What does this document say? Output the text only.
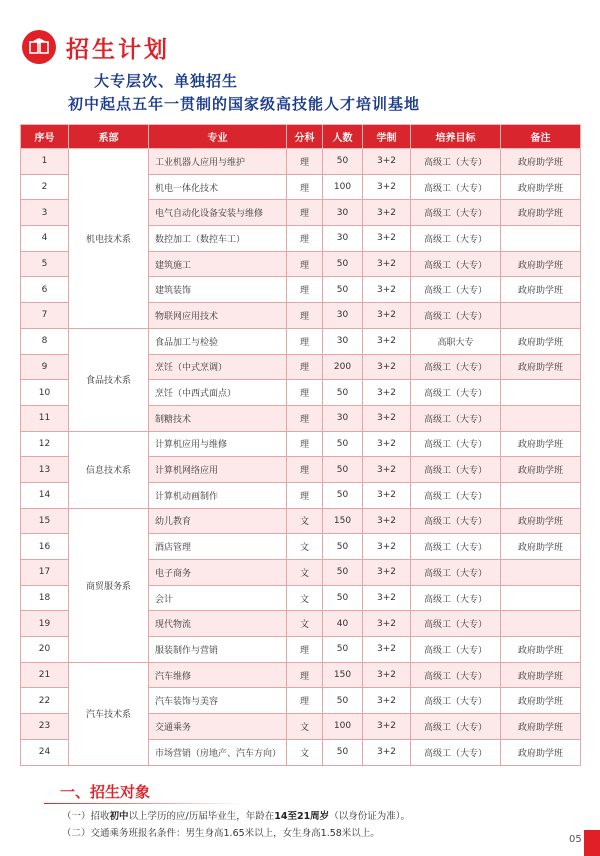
招生计划
大专层次、单独招生
初中起点五年一贯制的国家级高技能人才培训基地
序号	系部	专业	分科	人数	学制	培养目标	备注
1	机电技术系	工业机器人应用与维护	理	50	3+2	高级工（大专）	政府助学班
2		机电一体化技术	理	100	3+2	高级工（大专）	政府助学班
3		电气自动化设备安装与维修	理	30	3+2	高级工（大专）	政府助学班
4		数控加工（数控车工）	理	30	3+2	高级工（大专）	
5		建筑施工	理	50	3+2	高级工（大专）	政府助学班
6		建筑装饰	理	50	3+2	高级工（大专）	政府助学班
7		物联网应用技术	理	30	3+2	高级工（大专）	
8	食品技术系	食品加工与检验	理	30	3+2	高职大专	政府助学班
9		烹饪（中式烹调）	理	200	3+2	高级工（大专）	政府助学班
10		烹饪（中西式面点）	理	50	3+2	高级工（大专）	
11		制糖技术	理	30	3+2	高级工（大专）	
12	信息技术系	计算机应用与维修	理	50	3+2	高级工（大专）	政府助学班
13		计算机网络应用	理	50	3+2	高级工（大专）	政府助学班
14		计算机动画制作	理	50	3+2	高级工（大专）	
15	商贸服务系	幼儿教育	文	150	3+2	高级工（大专）	政府助学班
16		酒店管理	文	50	3+2	高级工（大专）	政府助学班
17		电子商务	文	50	3+2	高级工（大专）	
18		会计	文	50	3+2	高级工（大专）	
19		现代物流	文	40	3+2	高级工（大专）	
20		服装制作与营销	理	50	3+2	高级工（大专）	政府助学班
21	汽车技术系	汽车维修	理	150	3+2	高级工（大专）	政府助学班
22		汽车装饰与美容	理	50	3+2	高级工（大专）	政府助学班
23		交通乘务	文	100	3+2	高级工（大专）	政府助学班
24		市场营销（房地产、汽车方向）	文	50	3+2	高级工（大专）	政府助学班
一、招生对象
（一）招收初中以上学历的应/历届毕业生，年龄在14至21周岁（以身份证为准）。
（二）交通乘务班报名条件：男生身高1.65米以上，女生身高1.58米以上。
05
